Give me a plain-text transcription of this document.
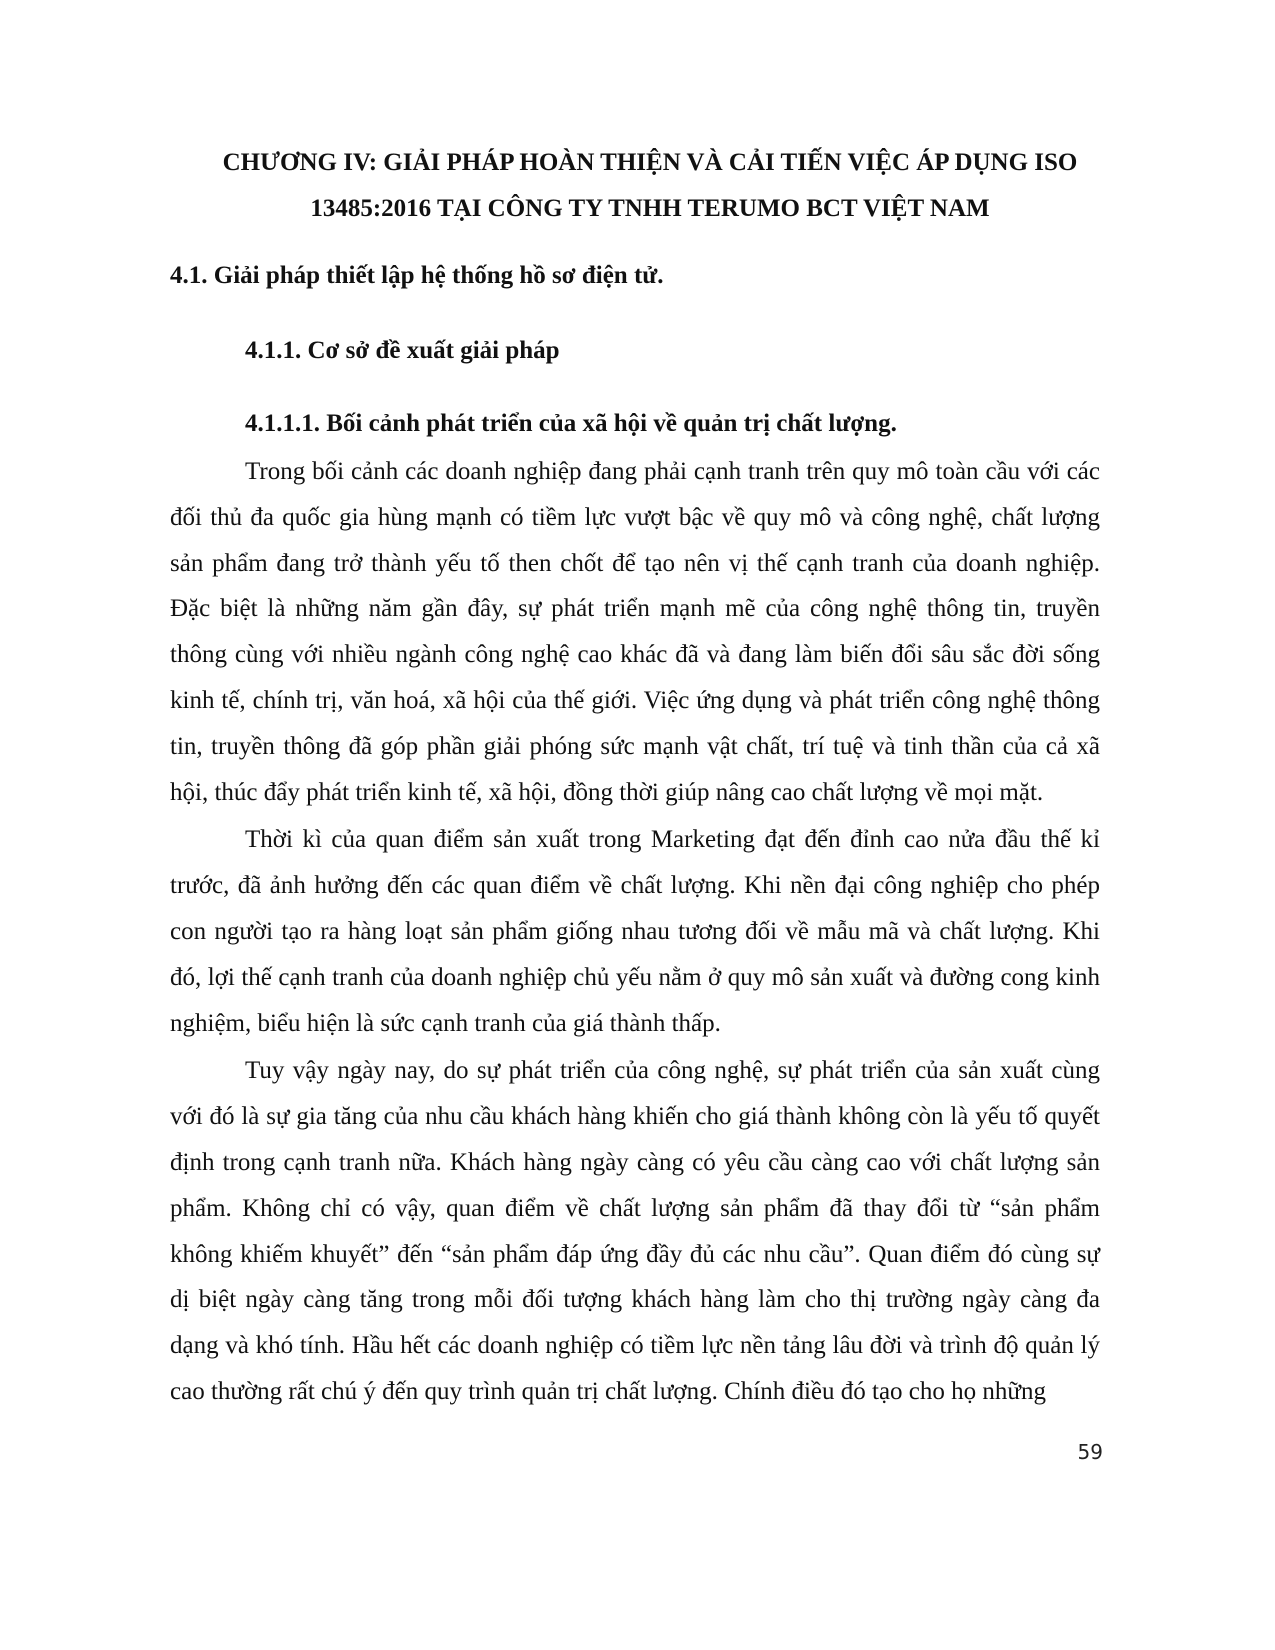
CHƯƠNG IV: GIẢI PHÁP HOÀN THIỆN VÀ CẢI TIẾN VIỆC ÁP DỤNG ISO
13485:2016 TẠI CÔNG TY TNHH TERUMO BCT VIỆT NAM
4.1. Giải pháp thiết lập hệ thống hồ sơ điện tử.
4.1.1. Cơ sở đề xuất giải pháp
4.1.1.1. Bối cảnh phát triển của xã hội về quản trị chất lượng.

Trong bối cảnh các doanh nghiệp đang phải cạnh tranh trên quy mô toàn cầu với các đối thủ đa quốc gia hùng mạnh có tiềm lực vượt bậc về quy mô và công nghệ, chất lượng sản phẩm đang trở thành yếu tố then chốt để tạo nên vị thế cạnh tranh của doanh nghiệp. Đặc biệt là những năm gần đây, sự phát triển mạnh mẽ của công nghệ thông tin, truyền thông cùng với nhiều ngành công nghệ cao khác đã và đang làm biến đổi sâu sắc đời sống kinh tế, chính trị, văn hoá, xã hội của thế giới. Việc ứng dụng và phát triển công nghệ thông tin, truyền thông đã góp phần giải phóng sức mạnh vật chất, trí tuệ và tinh thần của cả xã hội, thúc đẩy phát triển kinh tế, xã hội, đồng thời giúp nâng cao chất lượng về mọi mặt.

Thời kì của quan điểm sản xuất trong Marketing đạt đến đỉnh cao nửa đầu thế kỉ trước, đã ảnh hưởng đến các quan điểm về chất lượng. Khi nền đại công nghiệp cho phép con người tạo ra hàng loạt sản phẩm giống nhau tương đối về mẫu mã và chất lượng. Khi đó, lợi thế cạnh tranh của doanh nghiệp chủ yếu nằm ở quy mô sản xuất và đường cong kinh nghiệm, biểu hiện là sức cạnh tranh của giá thành thấp.

Tuy vậy ngày nay, do sự phát triển của công nghệ, sự phát triển của sản xuất cùng với đó là sự gia tăng của nhu cầu khách hàng khiến cho giá thành không còn là yếu tố quyết định trong cạnh tranh nữa. Khách hàng ngày càng có yêu cầu càng cao với chất lượng sản phẩm. Không chỉ có vậy, quan điểm về chất lượng sản phẩm đã thay đổi từ “sản phẩm không khiếm khuyết” đến “sản phẩm đáp ứng đầy đủ các nhu cầu”. Quan điểm đó cùng sự dị biệt ngày càng tăng trong mỗi đối tượng khách hàng làm cho thị trường ngày càng đa dạng và khó tính. Hầu hết các doanh nghiệp có tiềm lực nền tảng lâu đời và trình độ quản lý cao thường rất chú ý đến quy trình quản trị chất lượng. Chính điều đó tạo cho họ những

59
